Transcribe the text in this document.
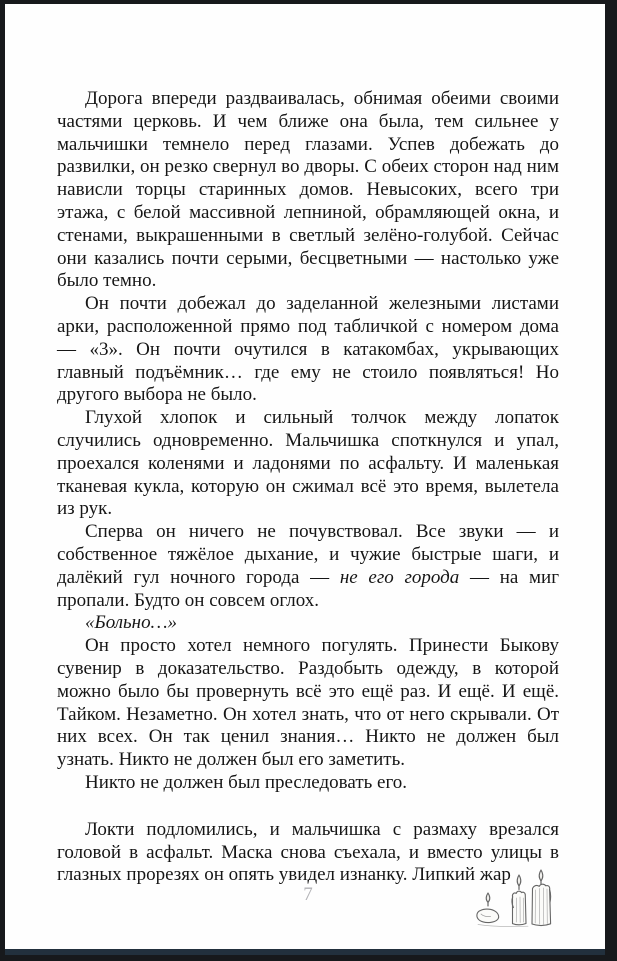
Дорога впереди раздваивалась, обнимая обеими своими частями церковь. И чем ближе она была, тем сильнее у мальчишки темнело перед глазами. Успев добежать до развилки, он резко свернул во дворы. С обеих сторон над ним нависли торцы старинных домов. Невысоких, всего три этажа, с белой массивной лепниной, обрамляющей окна, и стенами, выкрашенными в светлый зелёно-голубой. Сейчас они казались почти серыми, бесцветными — настолько уже было темно.

Он почти добежал до заделанной железными листами арки, расположенной прямо под табличкой с номером дома — «3». Он почти очутился в катакомбах, укрывающих главный подъёмник… где ему не стоило появляться! Но другого выбора не было.

Глухой хлопок и сильный толчок между лопаток случились одновременно. Мальчишка споткнулся и упал, проехался коленями и ладонями по асфальту. И маленькая тканевая кукла, которую он сжимал всё это время, вылетела из рук.

Сперва он ничего не почувствовал. Все звуки — и собственное тяжёлое дыхание, и чужие быстрые шаги, и далёкий гул ночного города — не его города — на миг пропали. Будто он совсем оглох.

«Больно…»

Он просто хотел немного погулять. Принести Быкову сувенир в доказательство. Раздобыть одежду, в которой можно было бы провернуть всё это ещё раз. И ещё. И ещё. Тайком. Незаметно. Он хотел знать, что от него скрывали. От них всех. Он так ценил знания… Никто не должен был узнать. Никто не должен был его заметить.

Никто не должен был преследовать его.

Локти подломились, и мальчишка с размаху врезался головой в асфальт. Маска снова съехала, и вместо улицы в глазных прорезях он опять увидел изнанку. Липкий жар

7
